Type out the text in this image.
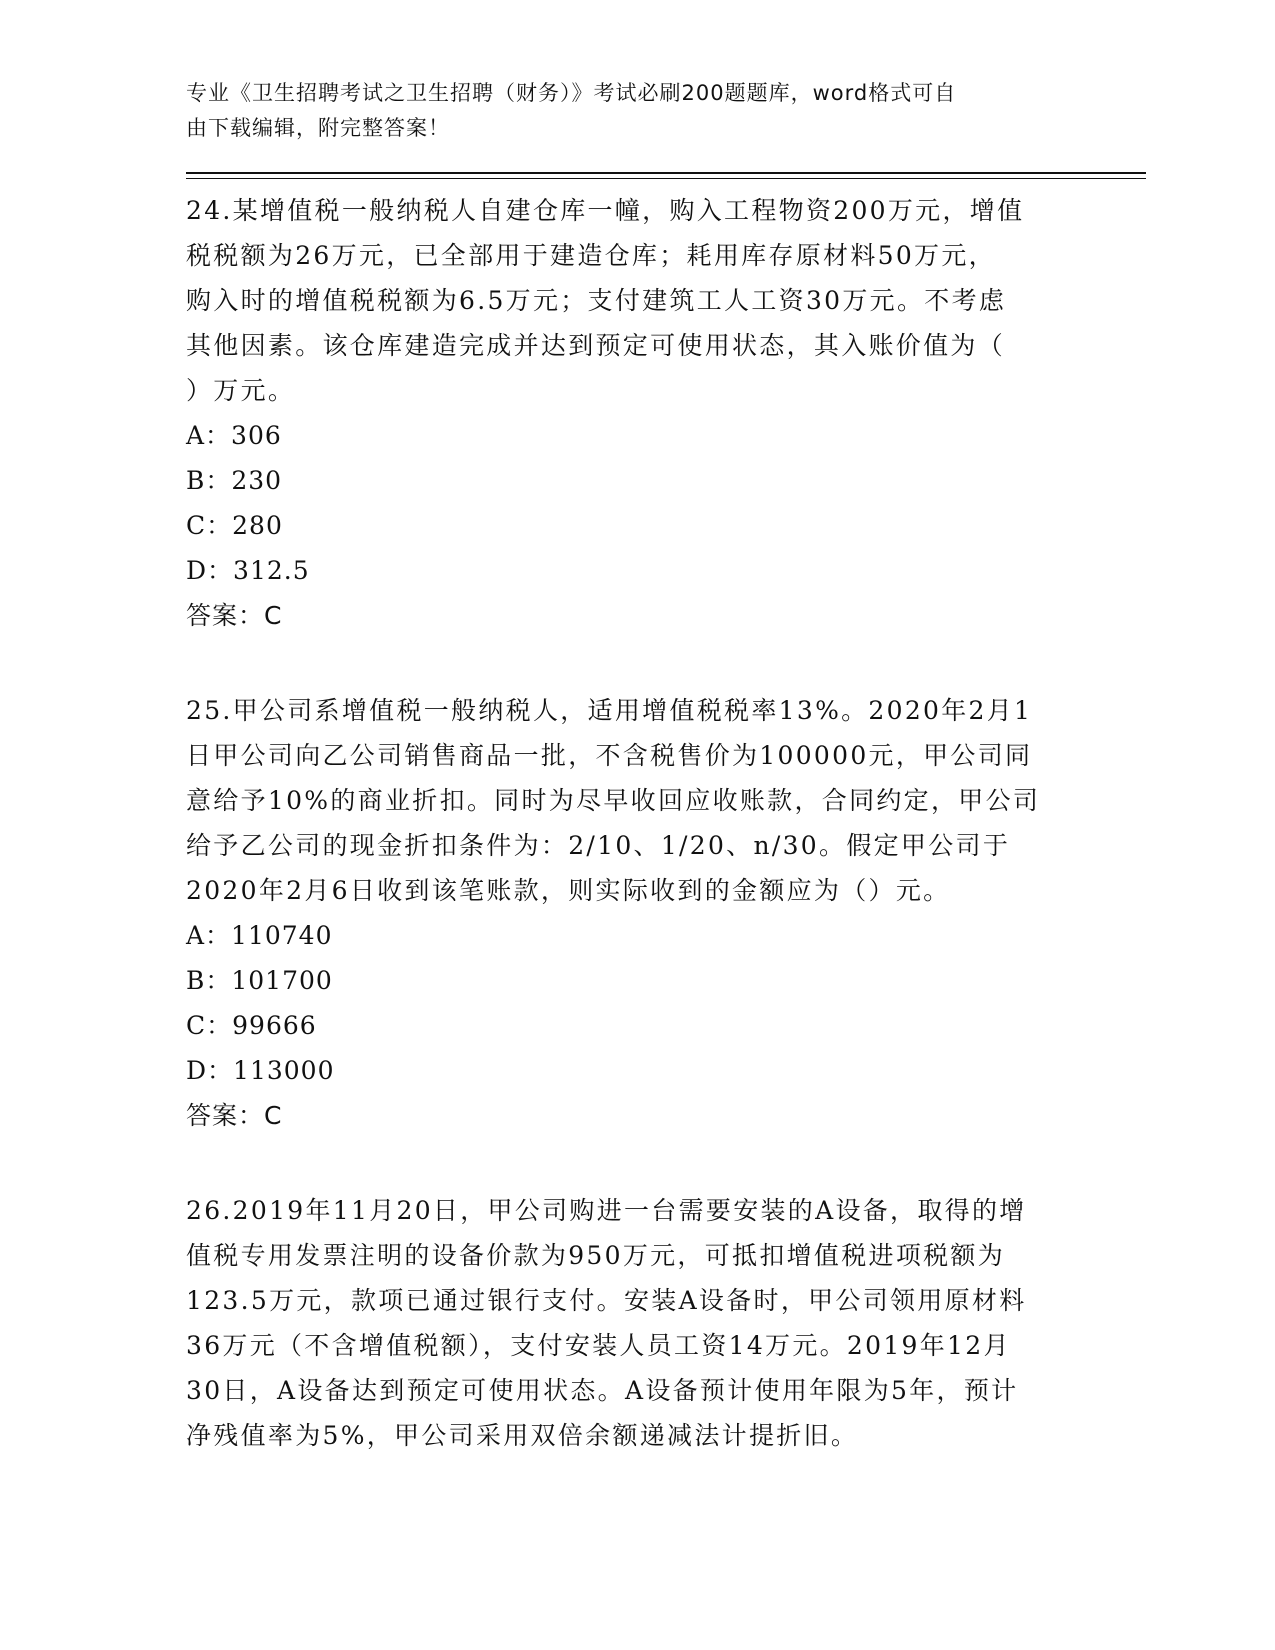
专业《卫生招聘考试之卫生招聘（财务）》考试必刷200题题库，word格式可自
由下载编辑，附完整答案！
24.某增值税一般纳税人自建仓库一幢，购入工程物资200万元，增值
税税额为26万元，已全部用于建造仓库；耗用库存原材料50万元，
购入时的增值税税额为6.5万元；支付建筑工人工资30万元。不考虑
其他因素。该仓库建造完成并达到预定可使用状态，其入账价值为（
）万元。
A：306
B：230
C：280
D：312.5
答案：C
25.甲公司系增值税一般纳税人，适用增值税税率13%。2020年2月1
日甲公司向乙公司销售商品一批，不含税售价为100000元，甲公司同
意给予10%的商业折扣。同时为尽早收回应收账款，合同约定，甲公司
给予乙公司的现金折扣条件为：2/10、1/20、n/30。假定甲公司于
2020年2月6日收到该笔账款，则实际收到的金额应为（）元。
A：110740
B：101700
C：99666
D：113000
答案：C
26.2019年11月20日，甲公司购进一台需要安装的A设备，取得的增
值税专用发票注明的设备价款为950万元，可抵扣增值税进项税额为
123.5万元，款项已通过银行支付。安装A设备时，甲公司领用原材料
36万元（不含增值税额），支付安装人员工资14万元。2019年12月
30日，A设备达到预定可使用状态。A设备预计使用年限为5年，预计
净残值率为5%，甲公司采用双倍余额递减法计提折旧。
